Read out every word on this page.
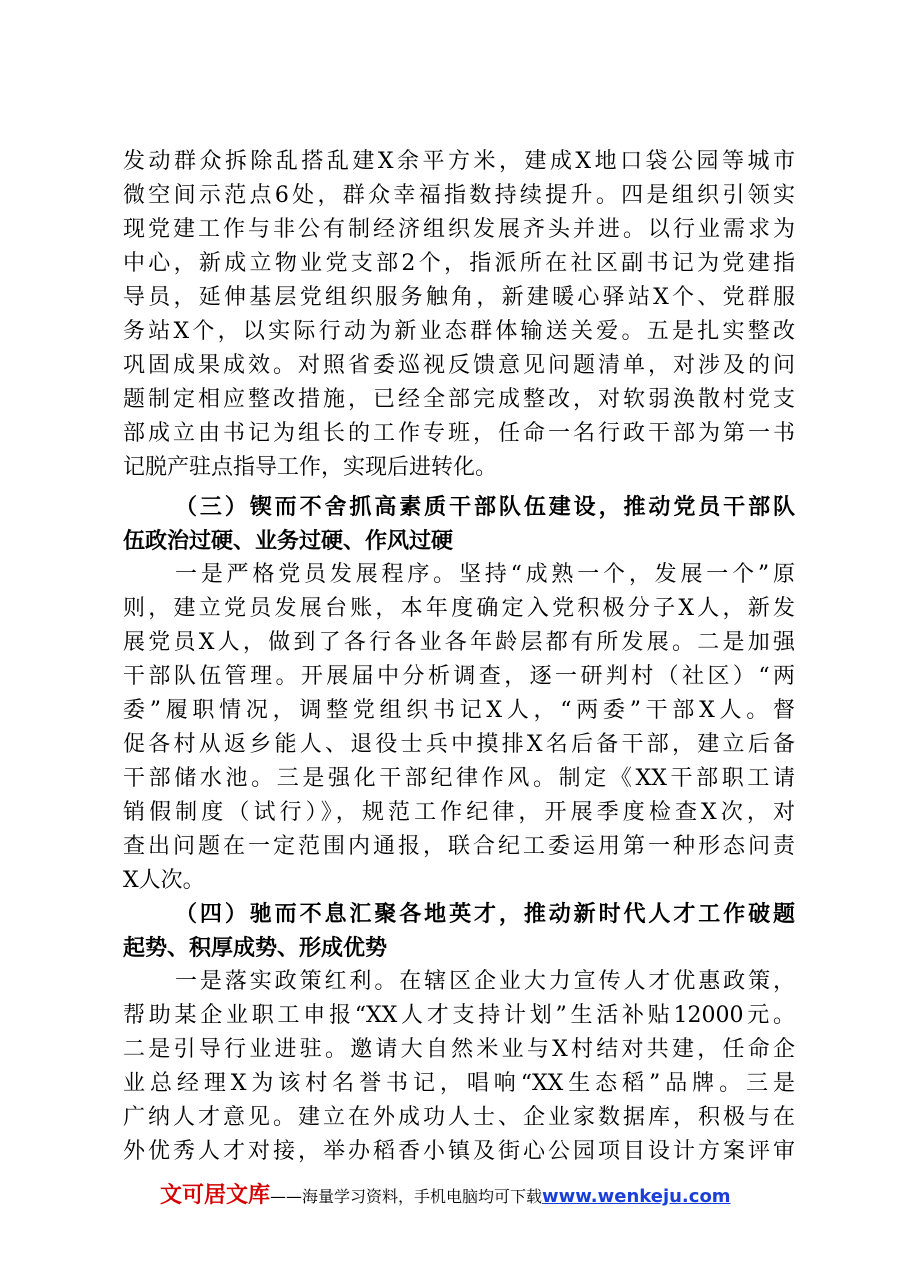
发动群众拆除乱搭乱建X余平方米，建成X地口袋公园等城市
微空间示范点6处，群众幸福指数持续提升。四是组织引领实
现党建工作与非公有制经济组织发展齐头并进。以行业需求为
中心，新成立物业党支部2个，指派所在社区副书记为党建指
导员，延伸基层党组织服务触角，新建暖心驿站X个、党群服
务站X个，以实际行动为新业态群体输送关爱。五是扎实整改
巩固成果成效。对照省委巡视反馈意见问题清单，对涉及的问
题制定相应整改措施，已经全部完成整改，对软弱涣散村党支
部成立由书记为组长的工作专班，任命一名行政干部为第一书
记脱产驻点指导工作，实现后进转化。
（三）锲而不舍抓高素质干部队伍建设，推动党员干部队
伍政治过硬、业务过硬、作风过硬
一是严格党员发展程序。坚持“成熟一个，发展一个”原
则，建立党员发展台账，本年度确定入党积极分子X人，新发
展党员X人，做到了各行各业各年龄层都有所发展。二是加强
干部队伍管理。开展届中分析调查，逐一研判村（社区）“两
委”履职情况，调整党组织书记X人，“两委”干部X人。督
促各村从返乡能人、退役士兵中摸排X名后备干部，建立后备
干部储水池。三是强化干部纪律作风。制定《XX干部职工请
销假制度（试行）》，规范工作纪律，开展季度检查X次，对
查出问题在一定范围内通报，联合纪工委运用第一种形态问责
X人次。
（四）驰而不息汇聚各地英才，推动新时代人才工作破题
起势、积厚成势、形成优势
一是落实政策红利。在辖区企业大力宣传人才优惠政策，
帮助某企业职工申报“XX人才支持计划”生活补贴12000元。
二是引导行业进驻。邀请大自然米业与X村结对共建，任命企
业总经理X为该村名誉书记，唱响“XX生态稻”品牌。三是
广纳人才意见。建立在外成功人士、企业家数据库，积极与在
外优秀人才对接，举办稻香小镇及街心公园项目设计方案评审
文可居文库——海量学习资料，手机电脑均可下载www.wenkeju.com
